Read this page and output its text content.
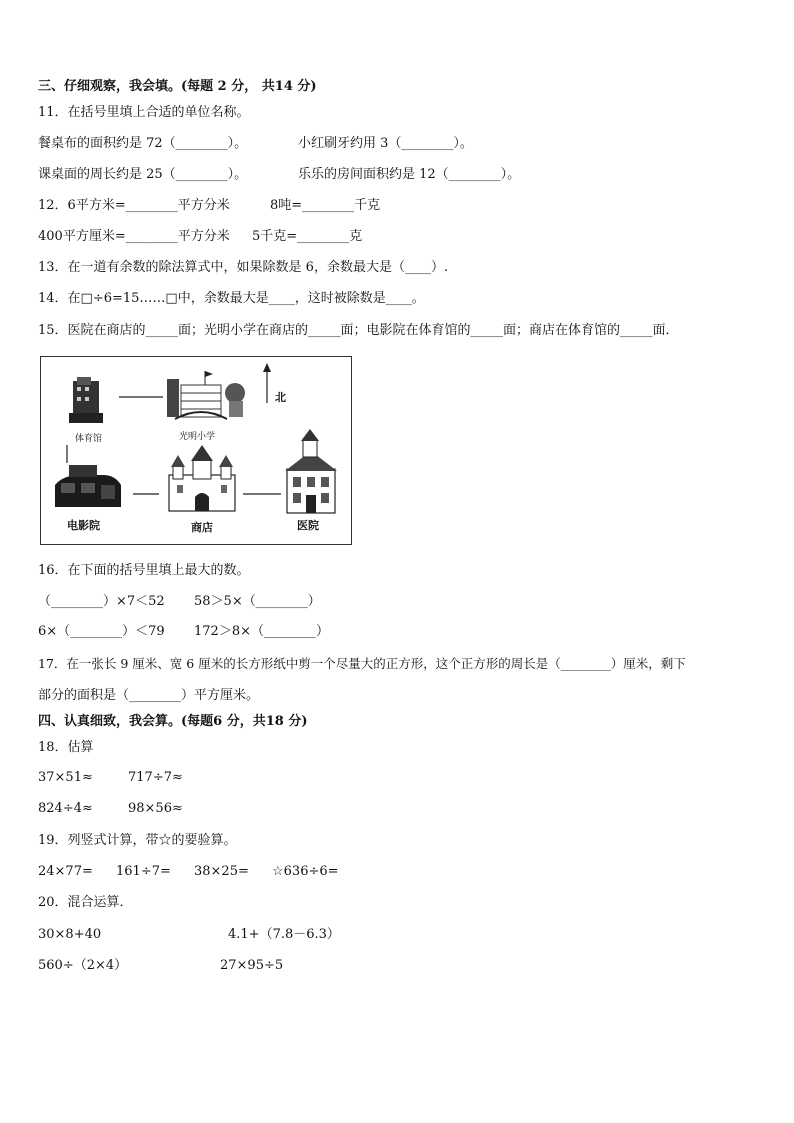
三、仔细观察，我会填。(每题 2 分， 共14 分)
11．在括号里填上合适的单位名称。
餐桌布的面积约是 72（________）。	小红刷牙约用 3（________）。
课桌面的周长约是 25（________）。	乐乐的房间面积约是 12（________）。
12．6平方米=________平方分米	8吨=________千克
400平方厘米=________平方分米 5千克=________克
13．在一道有余数的除法算式中，如果除数是 6，余数最大是（____）.
14．在□÷6=15……□中，余数最大是____，这时被除数是____。
15．医院在商店的_____面；光明小学在商店的_____面；电影院在体育馆的_____面；商店在体育馆的_____面．
北
体育馆	光明小学
电影院	商店	医院
16．在下面的括号里填上最大的数。
（________）×7＜52 58＞5×（________）
6×（________）＜79 172＞8×（________）
17．在一张长 9 厘米、宽 6 厘米的长方形纸中剪一个尽量大的正方形，这个正方形的周长是（________）厘米，剩下
部分的面积是（________）平方厘米。
四、认真细致，我会算。(每题6 分，共18 分)
18．估算
37×51≈	717÷7≈
824÷4≈	98×56≈
19．列竖式计算，带☆的要验算。
24×77= 161÷7= 38×25= ☆636÷6=
20．混合运算．
30×8+40	4.1+（7.8－6.3）
560÷（2×4）	27×95÷5
